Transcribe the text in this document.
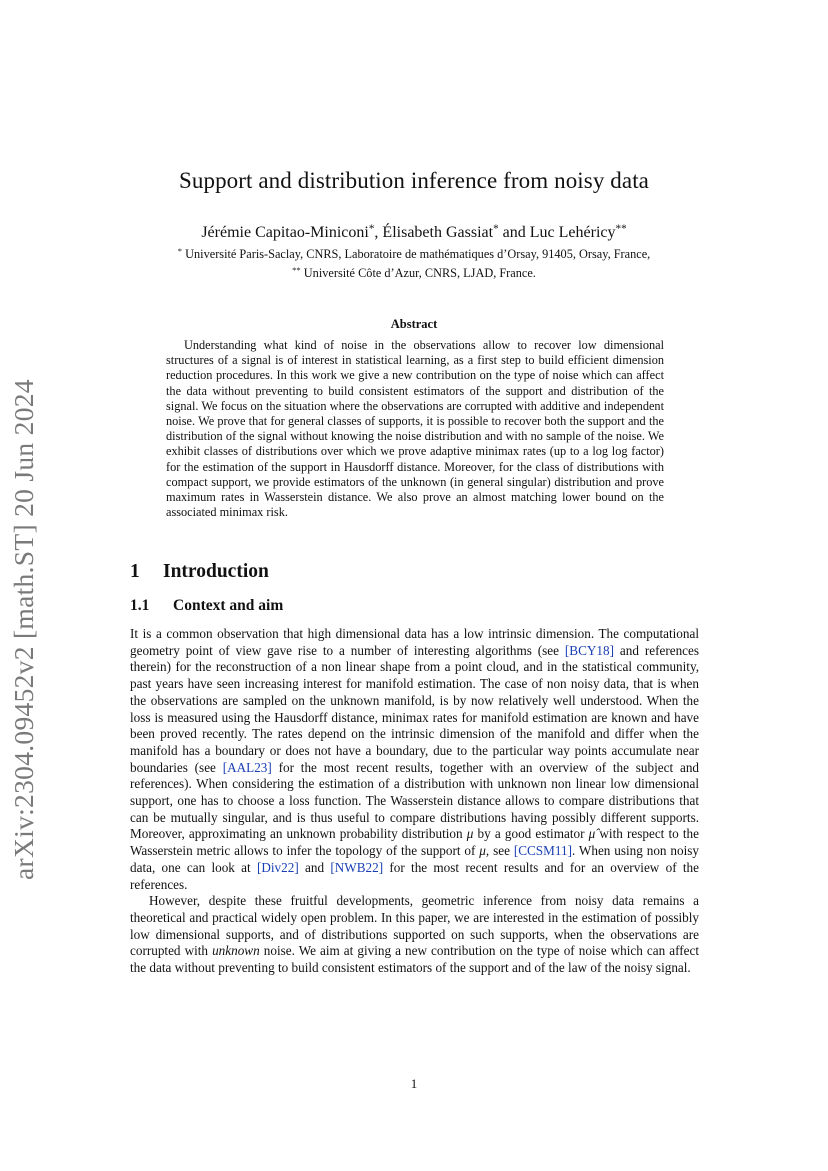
arXiv:2304.09452v2 [math.ST] 20 Jun 2024
Support and distribution inference from noisy data
Jérémie Capitao-Miniconi*, Élisabeth Gassiat* and Luc Lehéricy**
* Université Paris-Saclay, CNRS, Laboratoire de mathématiques d’Orsay, 91405, Orsay, France,
** Université Côte d’Azur, CNRS, LJAD, France.
Abstract

Understanding what kind of noise in the observations allow to recover low dimensional structures of a signal is of interest in statistical learning, as a first step to build efficient dimension reduction procedures. In this work we give a new contribution on the type of noise which can affect the data without preventing to build consistent estimators of the support and distribution of the signal. We focus on the situation where the observations are corrupted with additive and independent noise. We prove that for general classes of supports, it is possible to recover both the support and the distribution of the signal without knowing the noise distribution and with no sample of the noise. We exhibit classes of distributions over which we prove adaptive minimax rates (up to a log log factor) for the estimation of the support in Hausdorff distance. Moreover, for the class of distributions with compact support, we provide estimators of the unknown (in general singular) distribution and prove maximum rates in Wasserstein distance. We also prove an almost matching lower bound on the associated minimax risk.

1 Introduction
1.1 Context and aim

It is a common observation that high dimensional data has a low intrinsic dimension. The computational geometry point of view gave rise to a number of interesting algorithms (see [BCY18] and references therein) for the reconstruction of a non linear shape from a point cloud, and in the statistical community, past years have seen increasing interest for manifold estimation. The case of non noisy data, that is when the observations are sampled on the unknown manifold, is by now relatively well understood. When the loss is measured using the Hausdorff distance, minimax rates for manifold estimation are known and have been proved recently. The rates depend on the intrinsic dimension of the manifold and differ when the manifold has a boundary or does not have a boundary, due to the particular way points accumulate near boundaries (see [AAL23] for the most recent results, together with an overview of the subject and references). When considering the estimation of a distribution with unknown non linear low dimensional support, one has to choose a loss function. The Wasserstein distance allows to compare distributions that can be mutually singular, and is thus useful to compare distributions having possibly different supports. Moreover, approximating an unknown probability distribution μ by a good estimator μ̂ with respect to the Wasserstein metric allows to infer the topology of the support of μ, see [CCSM11]. When using non noisy data, one can look at [Div22] and [NWB22] for the most recent results and for an overview of the references.

However, despite these fruitful developments, geometric inference from noisy data remains a theoretical and practical widely open problem. In this paper, we are interested in the estimation of possibly low dimensional supports, and of distributions supported on such supports, when the observations are corrupted with unknown noise. We aim at giving a new contribution on the type of noise which can affect the data without preventing to build consistent estimators of the support and of the law of the noisy signal.

1
